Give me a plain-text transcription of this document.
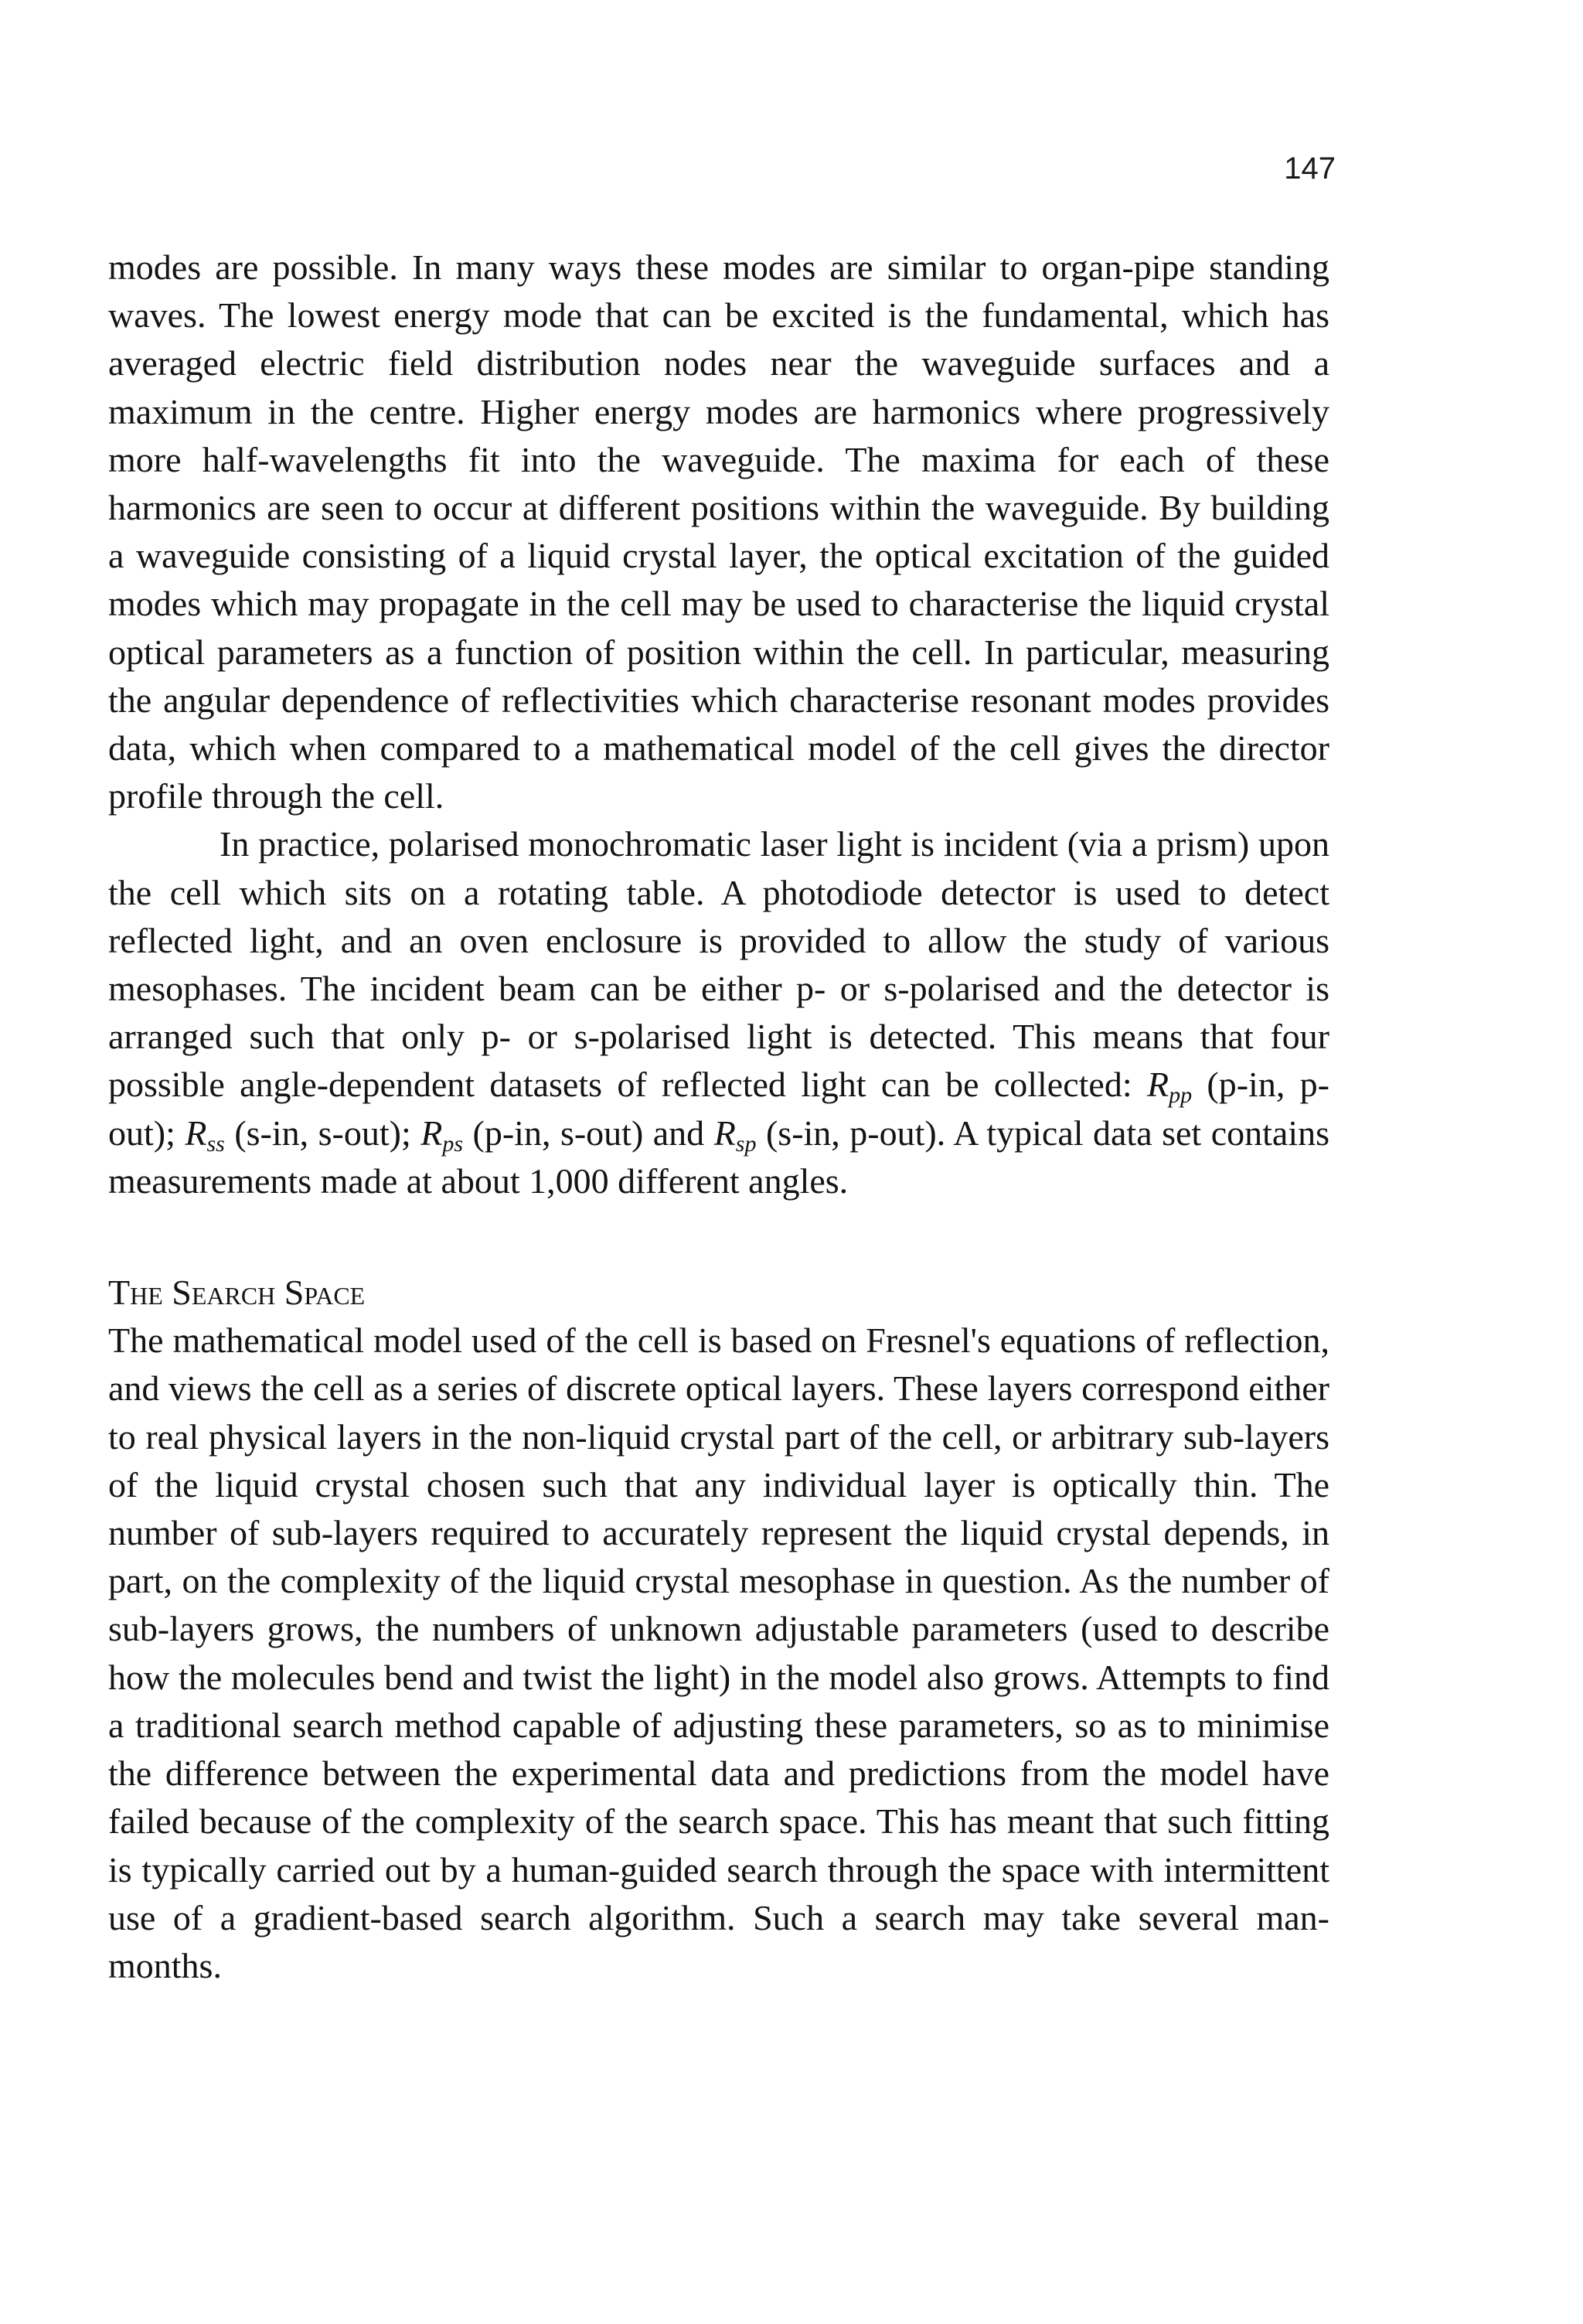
147

modes are possible. In many ways these modes are similar to organ-pipe standing waves. The lowest energy mode that can be excited is the fundamental, which has averaged electric field distribution nodes near the waveguide surfaces and a maximum in the centre. Higher energy modes are harmonics where progressively more half-wavelengths fit into the waveguide. The maxima for each of these harmonics are seen to occur at different positions within the waveguide. By building a waveguide consisting of a liquid crystal layer, the optical excitation of the guided modes which may propagate in the cell may be used to characterise the liquid crystal optical parameters as a function of position within the cell. In particular, measuring the angular dependence of reflectivities which characterise resonant modes provides data, which when compared to a mathematical model of the cell gives the director profile through the cell.

In practice, polarised monochromatic laser light is incident (via a prism) upon the cell which sits on a rotating table. A photodiode detector is used to detect reflected light, and an oven enclosure is provided to allow the study of various mesophases. The incident beam can be either p- or s-polarised and the detector is arranged such that only p- or s-polarised light is detected. This means that four possible angle-dependent datasets of reflected light can be collected: $R_{pp}$ (p-in, p-out); $R_{ss}$ (s-in, s-out); $R_{ps}$ (p-in, s-out) and $R_{sp}$ (s-in, p-out). A typical data set contains measurements made at about 1,000 different angles.

The Search Space

The mathematical model used of the cell is based on Fresnel's equations of reflection, and views the cell as a series of discrete optical layers. These layers correspond either to real physical layers in the non-liquid crystal part of the cell, or arbitrary sub-layers of the liquid crystal chosen such that any individual layer is optically thin. The number of sub-layers required to accurately represent the liquid crystal depends, in part, on the complexity of the liquid crystal mesophase in question. As the number of sub-layers grows, the numbers of unknown adjustable parameters (used to describe how the molecules bend and twist the light) in the model also grows. Attempts to find a traditional search method capable of adjusting these parameters, so as to minimise the difference between the experimental data and predictions from the model have failed because of the complexity of the search space. This has meant that such fitting is typically carried out by a human-guided search through the space with intermittent use of a gradient-based search algorithm. Such a search may take several man-months.
